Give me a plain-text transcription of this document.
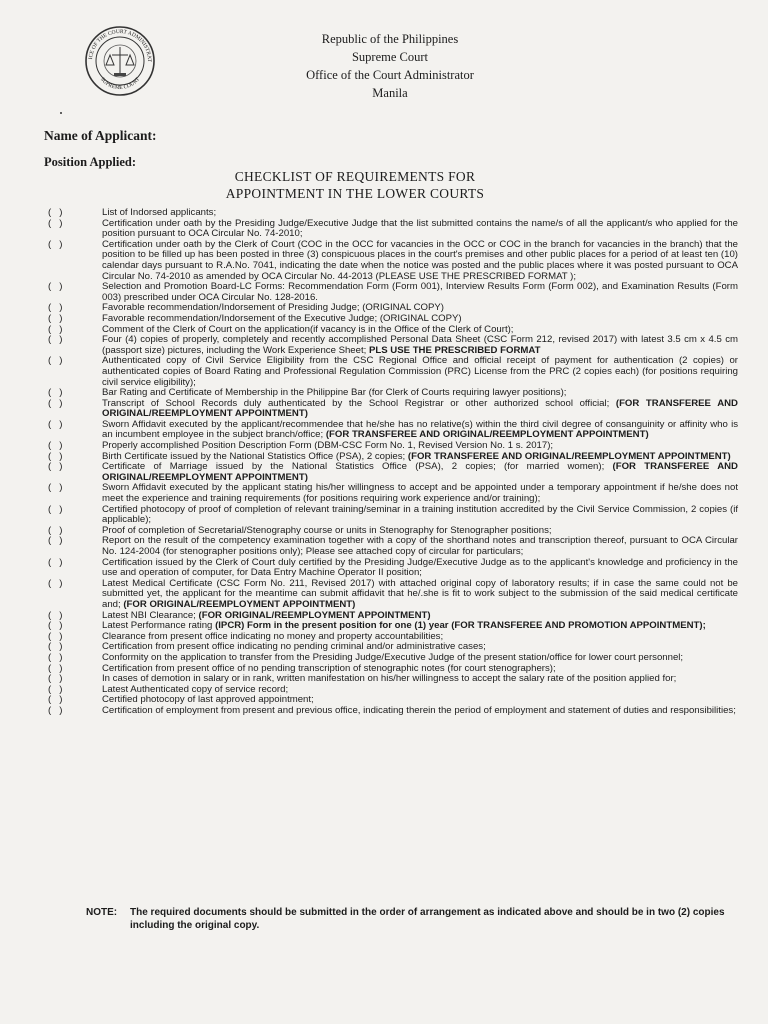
ICE OF THE COURT ADMINISTRAT
SUPREME COURT
Republic of the Philippines
Supreme Court
Office of the Court Administrator
Manila
Name of Applicant:
Position Applied:
CHECKLIST OF REQUIREMENTS FOR
APPOINTMENT IN THE LOWER COURTS
(   )	List of Indorsed applicants;
(   )	Certification under oath by the Presiding Judge/Executive Judge that the list submitted contains the name/s of all the applicant/s who applied for the position pursuant to OCA Circular No. 74-2010;
(   )	Certification under oath by the Clerk of Court (COC in the OCC for vacancies in the OCC or COC in the branch for vacancies in the branch) that the position to be filled up has been posted in three (3) conspicuous places in the court's premises and other public places for a period of at least ten (10) calendar days pursuant to R.A.No. 7041, indicating the date when the notice was posted and the public places where it was posted pursuant to OCA Circular No. 74-2010 as amended by OCA Circular No. 44-2013 (PLEASE USE THE PRESCRIBED FORMAT );
(   )	Selection and Promotion Board-LC Forms: Recommendation Form (Form 001), Interview Results Form (Form 002), and Examination Results (Form 003) prescribed under OCA Circular No. 128-2016.
(   )	Favorable recommendation/Indorsement of Presiding Judge; (ORIGINAL COPY)
(   )	Favorable recommendation/Indorsement of the Executive Judge; (ORIGINAL COPY)
(   )	Comment of the Clerk of Court on the application(if vacancy is in the Office of the Clerk of Court);
(   )	Four (4) copies of properly, completely and recently accomplished Personal Data Sheet (CSC Form 212, revised 2017) with latest 3.5 cm x 4.5 cm (passport size) pictures, including the Work Experience Sheet; PLS USE THE PRESCRIBED FORMAT
(   )	Authenticated copy of Civil Service Eligibility from the CSC Regional Office and official receipt of payment for authentication (2 copies) or authenticated copies of Board Rating and Professional Regulation Commission (PRC) License from the PRC (2 copies each) (for positions requiring civil service eligibility);
(   )	Bar Rating and Certificate of Membership in the Philippine Bar (for Clerk of Courts requiring lawyer positions);
(   )	Transcript of School Records duly authenticated by the School Registrar or other authorized school official; (FOR TRANSFEREE AND ORIGINAL/REEMPLOYMENT APPOINTMENT)
(   )	Sworn Affidavit executed by the applicant/recommendee that he/she has no relative(s) within the third civil degree of consanguinity or affinity who is an incumbent employee in the subject branch/office; (FOR TRANSFEREE AND ORIGINAL/REEMPLOYMENT APPOINTMENT)
(   )	Properly accomplished Position Description Form (DBM-CSC Form No. 1, Revised Version No. 1 s. 2017);
(   )	Birth Certificate issued by the National Statistics Office (PSA), 2 copies; (FOR TRANSFEREE AND ORIGINAL/REEMPLOYMENT APPOINTMENT)
(   )	Certificate of Marriage issued by the National Statistics Office (PSA), 2 copies; (for married women); (FOR TRANSFEREE AND ORIGINAL/REEMPLOYMENT APPOINTMENT)
(   )	Sworn Affidavit executed by the applicant stating his/her willingness to accept and be appointed under a temporary appointment if he/she does not meet the experience and training requirements (for positions requiring work experience and/or training);
(   )	Certified photocopy of proof of completion of relevant training/seminar in a training institution accredited by the Civil Service Commission, 2 copies (if applicable);
(   )	Proof of completion of Secretarial/Stenography course or units in Stenography for Stenographer positions;
(   )	Report on the result of the competency examination together with a copy of the shorthand notes and transcription thereof, pursuant to OCA Circular No. 124-2004 (for stenographer positions only); Please see attached copy of circular for particulars;
(   )	Certification issued by the Clerk of Court duly certified by the Presiding Judge/Executive Judge as to the applicant's knowledge and proficiency in the use and operation of computer, for Data Entry Machine Operator II position;
(   )	Latest Medical Certificate (CSC Form No. 211, Revised 2017) with attached original copy of laboratory results; if in case the same could not be submitted yet, the applicant for the meantime can submit affidavit that he/.she is fit to work subject to the submission of the said medical certificate and; (FOR ORIGINAL/REEMPLOYMENT APPOINTMENT)
(   )	Latest NBI Clearance; (FOR ORIGINAL/REEMPLOYMENT APPOINTMENT)
(   )	Latest Performance rating (IPCR) Form in the present position for one (1) year (FOR TRANSFEREE AND PROMOTION APPOINTMENT);
(   )	Clearance from present office indicating no money and property accountabilities;
(   )	Certification from present office indicating no pending criminal and/or administrative cases;
(   )	Conformity on the application to transfer from the Presiding Judge/Executive Judge of the present station/office for lower court personnel;
(   )	Certification from present office of no pending transcription of stenographic notes (for court stenographers);
(   )	In cases of demotion in salary or in rank, written manifestation on his/her willingness to accept the salary rate of the position applied for;
(   )	Latest Authenticated copy of service record;
(   )	Certified photocopy of last approved appointment;
(   )	Certification of employment from present and previous office, indicating therein the period of employment and statement of duties and responsibilities;
NOTE:	The required documents should be submitted in the order of arrangement as indicated above and should be in two (2) copies including the original copy.
